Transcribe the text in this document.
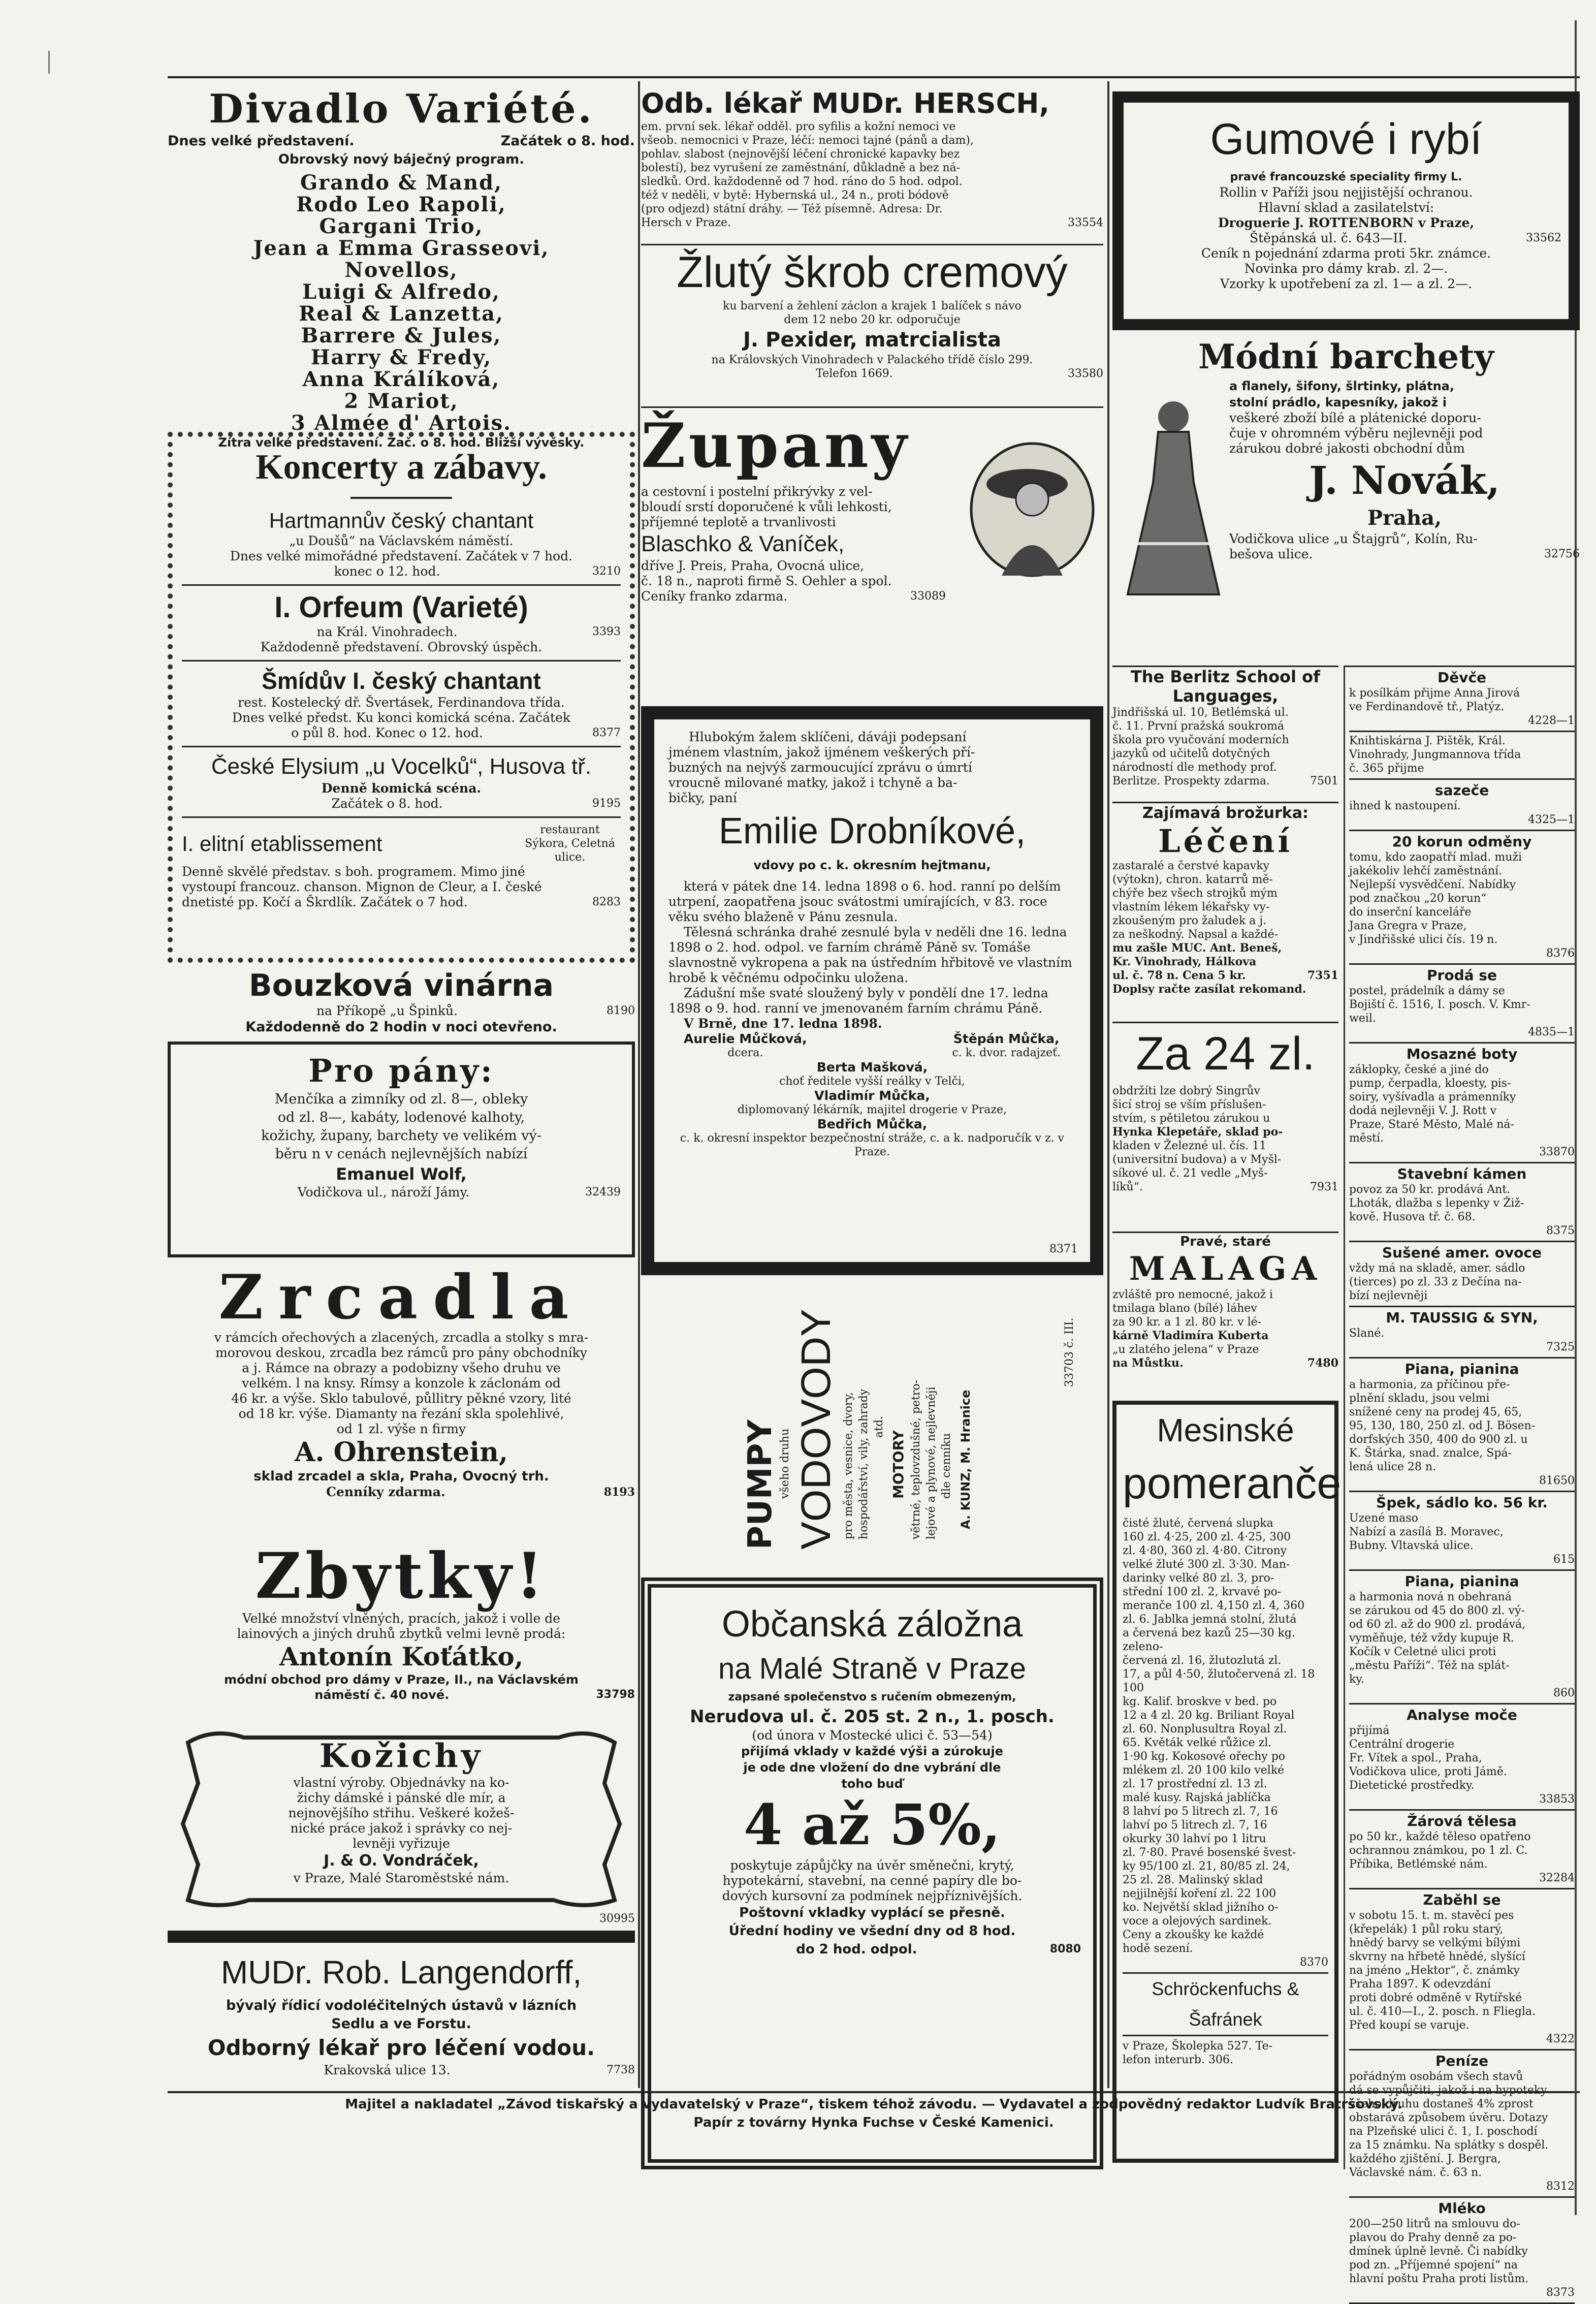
Divadlo Variété.
Dnes velké představení.	Začátek o 8. hod.
Obrovský nový báječný program.
Grando & Mand,
Rodo Leo Rapoli,
Gargani Trio,
Jean a Emma Grasseovi,
Novellos,
Luigi & Alfredo,
Real & Lanzetta,
Barrere & Jules,
Harry & Fredy,
Anna Králíková,
2 Mariot,
3 Almée d' Artois.
Zítra velké představení. Zač. o 8. hod. Bližší vývěsky.
Koncerty a zábavy.
Hartmannův český chantant
„u Doušů“ na Václavském náměstí.
Dnes velké mimořádné představení. Začátek v 7 hod.
konec o 12. hod.	3210
I. Orfeum (Varieté)
na Král. Vinohradech.	3393
Každodenně představení. Obrovský úspěch.
Šmídův I. český chantant
rest. Kostelecký dř. Švertásek, Ferdinandova třída.
Dnes velké předst. Ku konci komická scéna. Začátek
o půl 8. hod. Konec o 12. hod.	8377
České Elysium „u Vocelků“, Husova tř.
Denně komická scéna.
Začátek o 8. hod.	9195
I. elitní etablissement
restaurant Sýkora, Celetná ulice.
Denně skvělé představ. s boh. programem. Mimo jiné
vystoupí francouz. chanson. Mignon de Cleur, a I. české
dnetisté pp. Kočí a Škrdlík. Začátek o 7 hod.	8283
Bouzková vinárna
na Příkopě „u Špinků.	8190
Každodenně do 2 hodin v noci otevřeno.
Pro pány:
Menčíka a zimníky od zl. 8—, obleky
od zl. 8—, kabáty, lodenové kalhoty,
kožichy, župany, barchety ve velikém vý-
běru n v cenách nejlevnějších nabízí
Emanuel Wolf,
Vodičkova ul., nároží Jámy.	32439
Zrcadla
v rámcích ořechových a zlacených, zrcadla a stolky s mra-
morovou deskou, zrcadla bez rámců pro pány obchodníky
a j. Rámce na obrazy a podobizny všeho druhu ve
velkém. l na knsy. Rímsy a konzole k záclonám od
46 kr. a výše. Sklo tabulové, půllitry pěkné vzory, lité
od 18 kr. výše. Diamanty na řezání skla spolehlivé,
od 1 zl. výše n firmy
A. Ohrenstein,
sklad zrcadel a skla, Praha, Ovocný trh.
Cenníky zdarma.	8193
Zbytky!
Velké množství vlněných, pracích, jakož i volle de
lainových a jiných druhů zbytků velmi levně prodá:
Antonín Koťátko,
módní obchod pro dámy v Praze, II., na Václavském
náměstí č. 40 nové.	33798
Kožichy
vlastní výroby. Objednávky na ko-
žichy dámské i pánské dle mír, a
nejnovějšího střihu. Veškeré kožeš-
nické práce jakož i správky co nej-
levněji vyřizuje
J. & O. Vondráček,
v Praze, Malé Staroměstské nám.
30995
MUDr. Rob. Langendorff,
bývalý řídicí vodoléčitelných ústavů v lázních
Sedlu a ve Forstu.
Odborný lékař pro léčení vodou.
Krakovská ulice 13.	7738
Odb. lékař MUDr. HERSCH,
em. první sek. lékař odděl. pro syfilis a kožní nemoci ve
všeob. nemocnici v Praze, léčí: nemoci tajné (pánů a dam),
pohlav. slabost (nejnovější léčení chronické kapavky bez
bolestí), bez vyrušení ze zaměstnání, důkladně a bez ná-
sledků. Ord. každodenně od 7 hod. ráno do 5 hod. odpol.
též v neděli, v bytě: Hybernská ul., 24 n., proti bódově
(pro odjezd) státní dráhy. — Též písemně. Adresa: Dr.
Hersch v Praze.	33554
Žlutý škrob cremový
ku barvení a žehlení záclon a krajek 1 balíček s návo
dem 12 nebo 20 kr. odporučuje
J. Pexider, matrcialista
na Královských Vinohradech v Palackého třídě číslo 299.
Telefon 1669.	33580
Župany
a cestovní i postelní přikrývky z vel-
bloudí srstí doporučené k vůli lehkosti,
příjemné teplotě a trvanlivosti
Blaschko & Vaníček,
dříve J. Preis, Praha, Ovocná ulice,
č. 18 n., naproti firmě S. Oehler a spol.
Ceníky franko zdarma.	33089
Hlubokým žalem sklíčeni, dáváji podepsaní
jménem vlastním, jakož ijménem veškerých pří-
buzných na nejvýš zarmoucující zprávu o úmrtí
vroucně milované matky, jakož i tchyně a ba-
bičky, paní
Emilie Drobníkové,
vdovy po c. k. okresním hejtmanu,
která v pátek dne 14. ledna 1898 o 6. hod. ranní po delším utrpení, zaopatřena jsouc svátostmi umírajících, v 83. roce věku svého blaženě v Pánu zesnula.
Tělesná schránka drahé zesnulé byla v neděli dne 16. ledna 1898 o 2. hod. odpol. ve farním chrámě Páně sv. Tomáše slavnostně vykropena a pak na ústředním hřbitově ve vlastním hrobě k věčnému odpočinku uložena.
Zádušní mše svaté sloužený byly v pondělí dne 17. ledna 1898 o 9. hod. ranní ve jmenovaném farním chrámu Páně.
V Brně, dne 17. ledna 1898.
Aurelie Můčková,
dcera.
Štěpán Můčka,
c. k. dvor. radajzeť.
Berta Mašková,
choť ředitele vyšší reálky v Telči,
Vladimír Můčka,
diplomovaný lékárník, majitel drogerie v Praze,
Bedřich Můčka,
c. k. okresní inspektor bezpečnostní stráže, c. a k. nadporučík v z. v Praze.
8371
PUMPY všeho druhu VODOVODY pro města, vesnice, dvory, hospodářství, vily, zahrady atd.
MOTORY větrné, teplovzdušné, petro- lejové a plynové, nejlevněji dle cenníku A. KUNZ, M. Hranice
33703 č. III.
Občanská záložna
na Malé Straně v Praze
zapsané společenstvo s ručením obmezeným,
Nerudova ul. č. 205 st. 2 n., 1. posch.
(od února v Mostecké ulici č. 53—54)
přijímá vklady v každé výši a zúrokuje
je ode dne vložení do dne vybrání dle
toho buď
4 až 5%,
poskytuje zápůjčky na úvěr směnečni, krytý,
hypotekární, stavební, na cenné papíry dle bo-
dových kursovní za podmínek nejpříznivějších.
Poštovní vkladky vyplácí se přesně.
Úřední hodiny ve všední dny od 8 hod.
do 2 hod. odpol.	8080
Gumové i rybí
pravé francouzské speciality firmy L.
Rollin v Paříži jsou nejjistější ochranou.
Hlavní sklad a zasilatelství:
Droguerie J. ROTTENBORN v Praze,
Štěpánská ul. č. 643—II.	33562
Ceník n pojednání zdarma proti 5kr. známce.
Novinka pro dámy krab. zl. 2—.
Vzorky k upotřebení za zl. 1— a zl. 2—.
Módní barchety
a flanely, šifony, šlrtinky, plátna,
stolní prádlo, kapesníky, jakož i
veškeré zboží bílé a plátenické doporu-
čuje v ohromném výběru nejlevněji pod
zárukou dobré jakosti obchodní dům
J. Novák,
Praha,
Vodičkova ulice „u Štajgrů“, Kolín, Ru-
bešova ulice.	32756
The Berlitz School of Languages,
Jindřišská ul. 10, Betlémská ul.
č. 11. První pražská soukromá
škola pro vyučování moderních
jazyků od učitelů dotyčných
národností dle methody prof.
Berlitze. Prospekty zdarma.	7501
Zajímavá brožurka:
Léčení
zastaralé a čerstvé kapavky
(výtokn), chron. katarrů mě-
chýře bez všech strojků mým
vlastním lékem lékařsky vy-
zkoušeným pro žaludek a j.
za neškodný. Napsal a každé-
mu zašle MUC. Ant. Beneš,
Kr. Vinohrady, Hálkova
ul. č. 78 n. Cena 5 kr.	7351
Doplsy račte zasílat rekomand.
Za 24 zl.
obdržíti lze dobrý Singrův
šicí stroj se vším příslušen-
stvím, s pětiletou zárukou u
Hynka Klepetáře, sklad po-
kladen v Železné ul. čís. 11
(universitní budova) a v Myšl-
síkové ul. č. 21 vedle „Myš-
líků“.	7931
Pravé, staré
MALAGA
zvláště pro nemocné, jakož i
tmilaga blano (bílé) láhev
za 90 kr. a 1 zl. 80 kr. v lé-
kárně Vladimíra Kuberta
„u zlatého jelena“ v Praze
na Můstku.	7480
Mesinské
pomeranče
čisté žluté, červená slupka
160 zl. 4·25, 200 zl. 4·25, 300
zl. 4·80, 360 zl. 4·80. Citrony
velké žluté 300 zl. 3·30. Man-
darinky velké 80 zl. 3, pro-
střední 100 zl. 2, krvavé po-
meranče 100 zl. 4,150 zl. 4, 360
zl. 6. Jablka jemná stolní, žlutá
a červená bez kazů 25—30 kg. zeleno-
červená zl. 16, žlutozlutá zl.
17, a půl 4·50, žlutočervená zl. 18 100
kg. Kalif. broskve v bed. po
12 a 4 zl. 20 kg. Briliant Royal
zl. 60. Nonplusultra Royal zl.
65. Květák velké růžice zl.
1·90 kg. Kokosové ořechy po
mlékem zl. 20 100 kilo velké
zl. 17 prostřední zl. 13 zl.
malé kusy. Rajská jablíčka
8 lahví po 5 litrech zl. 7, 16
lahví po 5 litrech zl. 7, 16
okurky 30 lahví po 1 litru
zl. 7·80. Pravé bosenské švest-
ky 95/100 zl. 21, 80/85 zl. 24,
25 zl. 28. Malinský sklad
nejjilnější koření zl. 22 100
ko. Největší sklad jižního o-
voce a olejových sardinek.
Ceny a zkoušky ke každé
hodě sezení.
8370
Schröckenfuchs & Šafránek
v Praze, Školepka 527. Te-
lefon interurb. 306.
Děvče
k posílkám přijme Anna Jirová
ve Ferdinandově tř., Platýz.
4228—1
Knihtiskárna J. Pištěk, Král.
Vinohrady, Jungmannova třída
č. 365 přijme
sazeče
ihned k nastoupení.
4325—1
20 korun odměny
tomu, kdo zaopatří mlad. muži
jakékoliv lehčí zaměstnání.
Nejlepší vysvědčení. Nabídky
pod značkou „20 korun“
do inserční kanceláře
Jana Gregra v Praze,
v Jindřišské ulici čís. 19 n.
8376
Prodá se
postel, prádelník a dámy se
Bojiští č. 1516, I. posch. V. Kmr-
weil.
4835—1
Mosazné boty
záklopky, české a jiné do
pump, čerpadla, kloesty, pis-
soiry, vyšívadla a prámenníky
dodá nejlevněji V. J. Rott v
Praze, Staré Město, Malé ná-
městí.
33870
Stavební kámen
povoz za 50 kr. prodává Ant.
Lhoták, dlažba s lepenky v Žiž-
kově. Husova tř. č. 68.
8375
Sušené amer. ovoce
vždy má na skladě, amer. sádlo
(tierces) po zl. 33 z Dečína na-
bízí nejlevněji
M. TAUSSIG & SYN,
Slané.
7325
Piana, pianina
a harmonia, za příčinou pře-
plnění skladu, jsou velmi
snížené ceny na prodej 45, 65,
95, 130, 180, 250 zl. od J. Bösen-
dorfských 350, 400 do 900 zl. u
K. Štárka, snad. znalce, Spá-
lená ulice 28 n.
81650
Špek, sádlo ko. 56 kr.
Uzené maso
Nabízí a zasílá B. Moravec,
Bubny. Vltavská ulice.
615
Piana, pianina
a harmonia nová n obehraná
se zárukou od 45 do 800 zl. vý-
od 60 zl. až do 900 zl. prodává,
vyměňuje, též vždy kupuje R.
Kočík v Celetné ulici proti
„městu Paříži“. Též na splát-
ky.
860
Analyse moče
přijímá
Centrální drogerie
Fr. Vítek a spol., Praha,
Vodičkova ulice, proti Jámě.
Dietetické prostředky.
33853
Žárová tělesa
po 50 kr., každé těleso opatřeno
ochrannou známkou, po 1 zl. C.
Příbika, Betlémské nám.
32284
Zaběhl se
v sobotu 15. t. m. stavěcí pes
(křepelák) 1 půl roku starý,
hnědý barvy se velkými bílými
skvrny na hřbetě hnědé, slyšící
na jméno „Hektor“, č. známky
Praha 1897. K odevzdání
proti dobré odměně v Rytířské
ul. č. 410—I., 2. posch. n Fliegla.
Před koupí se varuje.
4322
Peníze
pořádným osobám všech stavů
dá se vypůjčiti, jakož i na hypoteky
všeho druhu dostaneš 4% zprost
obstarává způsobem úvěru. Dotazy
na Plzeňské ulici č. 1, I. poschodí
za 15 známku. Na splátky s dospěl.
každého zjištění. J. Bergra,
Václavské nám. č. 63 n.
8312
Mléko
200—250 litrů na smlouvu do-
plavou do Prahy denně za po-
dmínek úplně levně. Či nabídky
pod zn. „Příjemné spojení“ na
hlavní poštu Praha proti listům.
8373
Majitel a nakladatel „Závod tiskařský a vydavatelský v Praze“, tiskem téhož závodu. — Vydavatel a zodpovědný redaktor Ludvík Bratršovský.
Papír z továrny Hynka Fuchse v České Kamenici.
